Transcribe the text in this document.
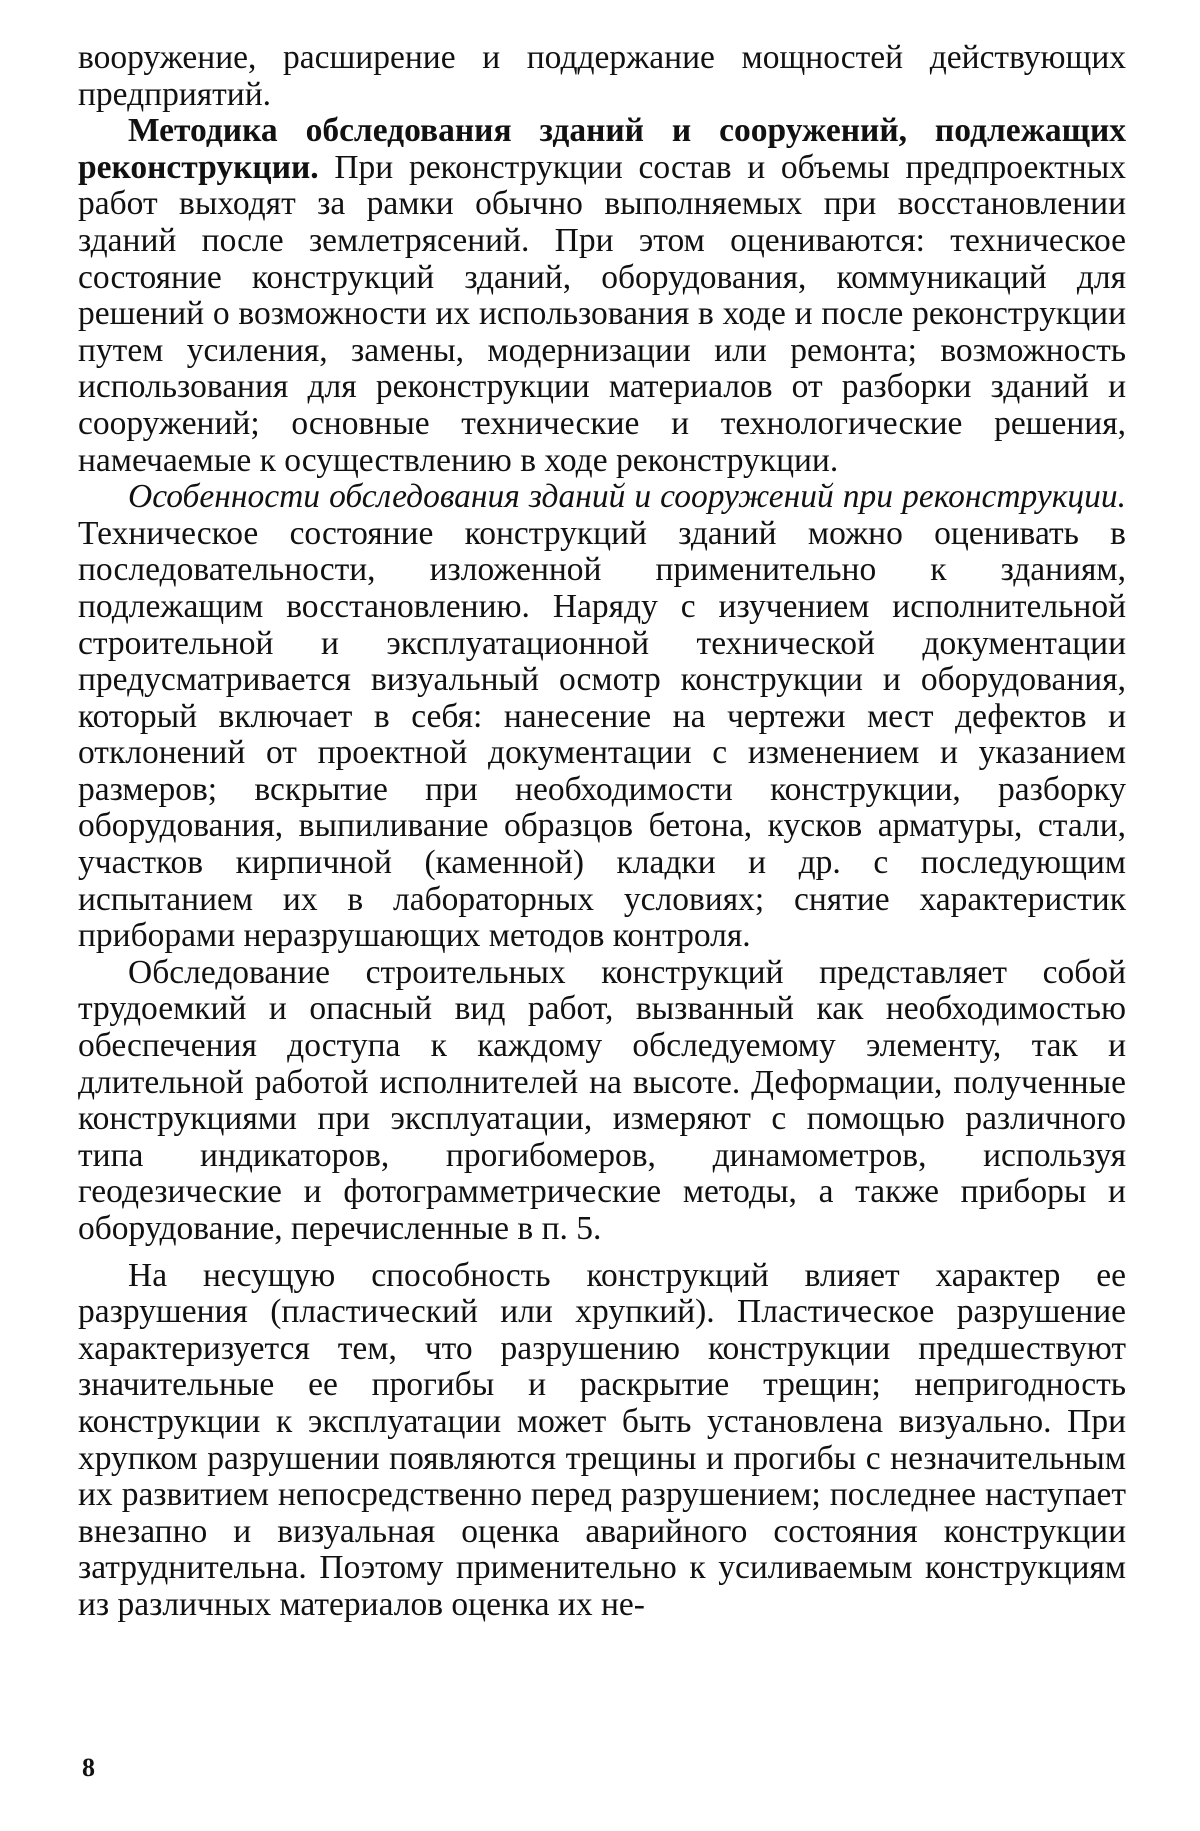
вооружение, расширение и поддержание мощностей действующих предприятий.

Методика обследования зданий и сооружений, подлежащих реконструкции. При реконструкции состав и объемы предпроектных работ выходят за рамки обычно выполняемых при восстановлении зданий после землетрясений. При этом оцениваются: техническое состояние конструкций зданий, оборудования, коммуникаций для решений о возможности их использования в ходе и после реконструкции путем усиления, замены, модернизации или ремонта; возможность использования для реконструкции материалов от разборки зданий и сооружений; основные технические и технологические решения, намечаемые к осуществлению в ходе реконструкции.

Особенности обследования зданий и сооружений при реконструкции. Техническое состояние конструкций зданий можно оценивать в последовательности, изложенной применительно к зданиям, подлежащим восстановлению. Наряду с изучением исполнительной строительной и эксплуатационной технической документации предусматривается визуальный осмотр конструкции и оборудования, который включает в себя: нанесение на чертежи мест дефектов и отклонений от проектной документации с изменением и указанием размеров; вскрытие при необходимости конструкции, разборку оборудования, выпиливание образцов бетона, кусков арматуры, стали, участков кирпичной (каменной) кладки и др. с последующим испытанием их в лабораторных условиях; снятие характеристик приборами неразрушающих методов контроля.

Обследование строительных конструкций представляет собой трудоемкий и опасный вид работ, вызванный как необходимостью обеспечения доступа к каждому обследуемому элементу, так и длительной работой исполнителей на высоте. Деформации, полученные конструкциями при эксплуатации, измеряют с помощью различного типа индикаторов, прогибомеров, динамометров, используя геодезические и фотограмметрические методы, а также приборы и оборудование, перечисленные в п. 5.

На несущую способность конструкций влияет характер ее разрушения (пластический или хрупкий). Пластическое разрушение характеризуется тем, что разрушению конструкции предшествуют значительные ее прогибы и раскрытие трещин; непригодность конструкции к эксплуатации может быть установлена визуально. При хрупком разрушении появляются трещины и прогибы с незначительным их развитием непосредственно перед разрушением; последнее наступает внезапно и визуальная оценка аварийного состояния конструкции затруднительна. Поэтому применительно к усиливаемым конструкциям из различных материалов оценка их не-

8
